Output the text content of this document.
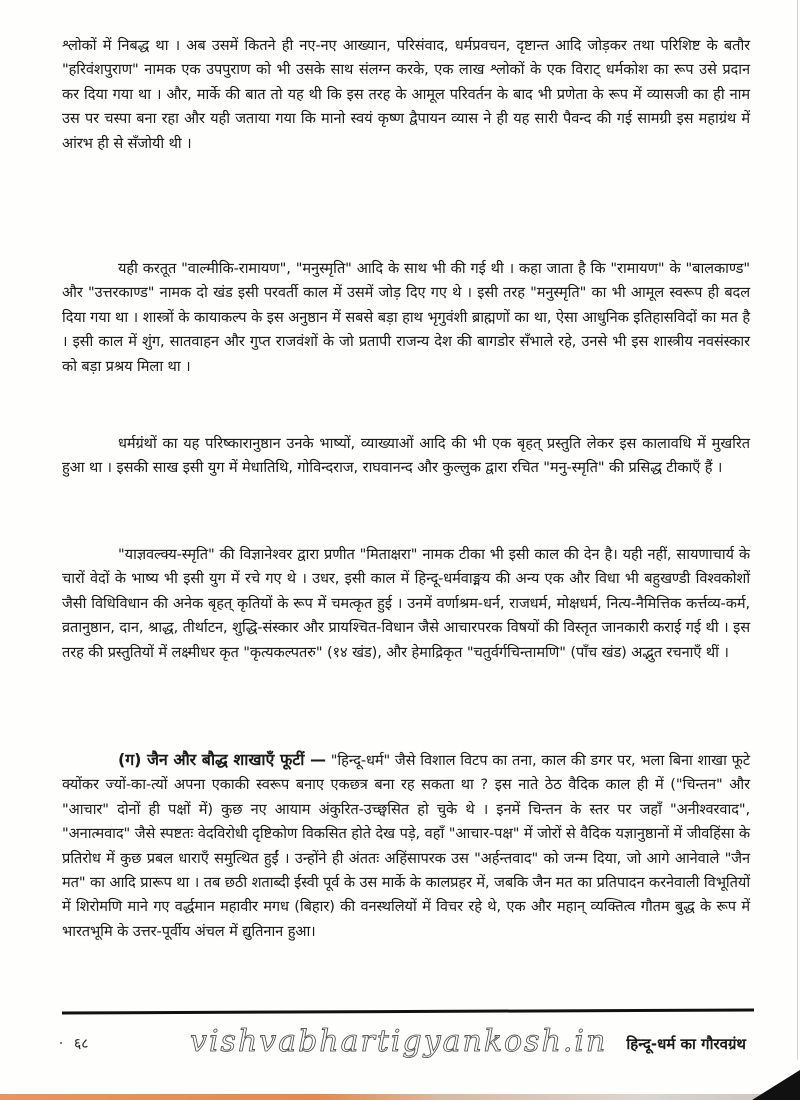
श्लोकों में निबद्ध था । अब उसमें कितने ही नए-नए आख्यान, परिसंवाद, धर्मप्रवचन, दृष्टान्त आदि जोड़कर तथा परिशिष्ट के बतौर "हरिवंशपुराण" नामक एक उपपुराण को भी उसके साथ संलग्न करके, एक लाख श्लोकों के एक विराट् धर्मकोश का रूप उसे प्रदान कर दिया गया था । और, मार्के की बात तो यह थी कि इस तरह के आमूल परिवर्तन के बाद भी प्रणेता के रूप में व्यासजी का ही नाम उस पर चस्पा बना रहा और यही जताया गया कि मानो स्वयं कृष्ण द्वैपायन व्यास ने ही यह सारी पैवन्द की गई सामग्री इस महाग्रंथ में आंरभ ही से सँजोयी थी ।

यही करतूत "वाल्मीकि-रामायण", "मनुस्मृति" आदि के साथ भी की गई थी । कहा जाता है कि "रामायण" के "बालकाण्ड" और "उत्तरकाण्ड" नामक दो खंड इसी परवर्ती काल में उसमें जोड़ दिए गए थे । इसी तरह "मनुस्मृति" का भी आमूल स्वरूप ही बदल दिया गया था । शास्त्रों के कायाकल्प के इस अनुष्ठान में सबसे बड़ा हाथ भृगुवंशी ब्राह्मणों का था, ऐसा आधुनिक इतिहासविदों का मत है । इसी काल में शुंग, सातवाहन और गुप्त राजवंशों के जो प्रतापी राजन्य देश की बागडोर सँभाले रहे, उनसे भी इस शास्त्रीय नवसंस्कार को बड़ा प्रश्रय मिला था ।

धर्मग्रंथों का यह परिष्कारानुष्ठान उनके भाष्यों, व्याख्याओं आदि की भी एक बृहत् प्रस्तुति लेकर इस कालावधि में मुखरित हुआ था । इसकी साख इसी युग में मेधातिथि, गोविन्दराज, राघवानन्द और कुल्लुक द्वारा रचित "मनु-स्मृति" की प्रसिद्ध टीकाएँ हैं ।

"याज्ञवल्क्य-स्मृति" की विज्ञानेश्वर द्वारा प्रणीत "मिताक्षरा" नामक टीका भी इसी काल की देन है। यही नहीं, सायणाचार्य के चारों वेदों के भाष्य भी इसी युग में रचे गए थे । उधर, इसी काल में हिन्दू-धर्मवाङ्मय की अन्य एक और विधा भी बहुखण्डी विश्वकोशों जैसी विधिविधान की अनेक बृहत् कृतियों के रूप में चमत्कृत हुई । उनमें वर्णाश्रम-धर्न, राजधर्म, मोक्षधर्म, नित्य-नैमित्तिक कर्त्तव्य-कर्म, व्रतानुष्ठान, दान, श्राद्ध, तीर्थाटन, शुद्धि-संस्कार और प्रायश्चित-विधान जैसे आचारपरक विषयों की विस्तृत जानकारी कराई गई थी । इस तरह की प्रस्तुतियों में लक्ष्मीधर कृत "कृत्यकल्पतरु" (१४ खंड), और हेमाद्रिकृत "चतुर्वर्गचिन्तामणि" (पाँच खंड) अद्भुत रचनाएँ थीं ।

(ग) जैन और बौद्ध शाखाएँ फूटीं — "हिन्दू-धर्म" जैसे विशाल विटप का तना, काल की डगर पर, भला बिना शाखा फूटे क्योंकर ज्यों-का-त्यों अपना एकाकी स्वरूप बनाए एकछत्र बना रह सकता था ? इस नाते ठेठ वैदिक काल ही में ("चिन्तन" और "आचार" दोनों ही पक्षों में) कुछ नए आयाम अंकुरित-उच्छ्वसित हो चुके थे । इनमें चिन्तन के स्तर पर जहाँ "अनीश्वरवाद", "अनात्मवाद" जैसे स्पष्टतः वेदविरोधी दृष्टिकोण विकसित होते देख पड़े, वहाँ "आचार-पक्ष" में जोरों से वैदिक यज्ञानुष्ठानों में जीवहिंसा के प्रतिरोध में कुछ प्रबल धाराएँ समुत्थित हुईं । उन्होंने ही अंततः अहिंसापरक उस "अर्हन्तवाद" को जन्म दिया, जो आगे आनेवाले "जैन मत" का आदि प्रारूप था । तब छठी शताब्दी ईस्वी पूर्व के उस मार्के के कालप्रहर में, जबकि जैन मत का प्रतिपादन करनेवाली विभूतियों में शिरोमणि माने गए वर्द्धमान महावीर मगध (बिहार) की वनस्थलियों में विचर रहे थे, एक और महान् व्यक्तित्व गौतम बुद्ध के रूप में भारतभूमि के उत्तर-पूर्वीय अंचल में द्युतिनान हुआ।

६८	vishvabhartigyankosh.in हिन्दू-धर्म का गौरवग्रंथ
